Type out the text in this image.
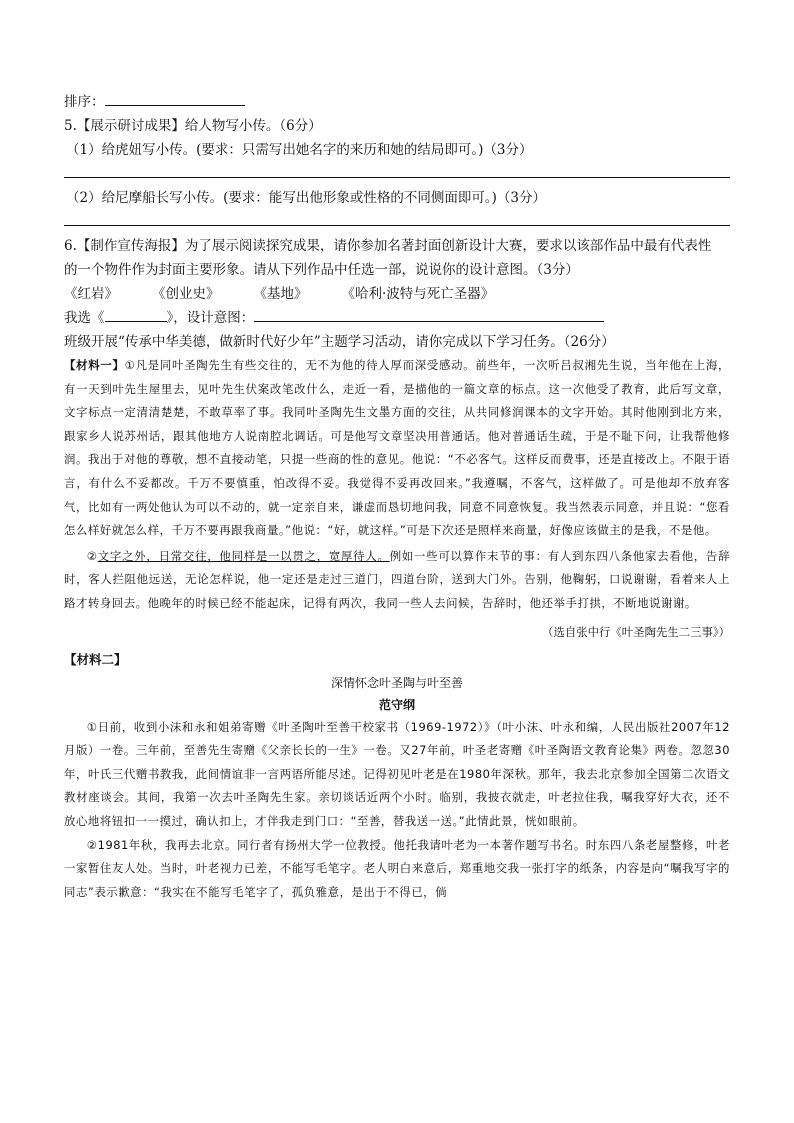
排序：
5.【展示研讨成果】给人物写小传。（6分）
（1）给虎妞写小传。(要求：只需写出她名字的来历和她的结局即可。)（3分）
（2）给尼摩船长写小传。(要求：能写出他形象或性格的不同侧面即可。)（3分）
6.【制作宣传海报】为了展示阅读探究成果，请你参加名著封面创新设计大赛，要求以该部作品中最有代表性
的一个物件作为封面主要形象。请从下列作品中任选一部，说说你的设计意图。（3分）
《红岩》	《创业史》	《基地》	《哈利·波特与死亡圣器》
我选《	》，设计意图：
班级开展“传承中华美德，做新时代好少年”主题学习活动，请你完成以下学习任务。（26分）

【材料一】①凡是同叶圣陶先生有些交往的，无不为他的待人厚而深受感动。前些年，一次听吕叔湘先生说，当年他在上海，有一天到叶先生屋里去，见叶先生伏案改笔改什么，走近一看，是描他的一篇文章的标点。这一次他受了教育，此后写文章，文字标点一定清清楚楚，不敢草率了事。我同叶圣陶先生文墨方面的交往，从共同修润课本的文字开始。其时他刚到北方来，跟家乡人说苏州话，跟其他地方人说南腔北调话。可是他写文章坚决用普通话。他对普通话生疏，于是不耻下问，让我帮他修润。我出于对他的尊敬，想不直接动笔，只提一些商的性的意见。他说：“不必客气。这样反而费事，还是直接改上。不限于语言，有什么不妥都改。千万不要慎重，怕改得不妥。我觉得不妥再改回来。”我遵嘱，不客气，这样做了。可是他却不放弃客气，比如有一两处他认为可以不动的，就一定亲自来，谦虚而恳切地问我，同意不同意恢复。我当然表示同意，并且说：“您看怎么样好就怎么样，千万不要再跟我商量。”他说：“好，就这样。”可是下次还是照样来商量，好像应该做主的是我，不是他。

②文字之外，日常交往，他同样是一以贯之，宽厚待人。例如一些可以算作末节的事：有人到东四八条他家去看他，告辞时，客人拦阻他远送，无论怎样说，他一定还是走过三道门，四道台阶，送到大门外。告别，他鞠躬，口说谢谢，看着来人上路才转身回去。他晚年的时候已经不能起床，记得有两次，我同一些人去问候，告辞时，他还举手打拱，不断地说谢谢。

（选自张中行《叶圣陶先生二三事》）
【材料二】
深情怀念叶圣陶与叶至善
范守纲

①日前，收到小沫和永和姐弟寄赠《叶圣陶叶至善干校家书（1969-1972）》（叶小沫、叶永和编，人民出版社2007年12月版）一卷。三年前，至善先生寄赠《父亲长长的一生》一卷。又27年前，叶圣老寄赠《叶圣陶语文教育论集》两卷。忽忽30年，叶氏三代赠书教我，此间情谊非一言两语所能尽述。记得初见叶老是在1980年深秋。那年，我去北京参加全国第二次语文教材座谈会。其间，我第一次去叶圣陶先生家。亲切谈话近两个小时。临别，我披衣就走，叶老拉住我，嘱我穿好大衣，还不放心地将钮扣一一摸过，确认扣上，才伴我走到门口：“至善，替我送一送。”此情此景，恍如眼前。

②1981年秋，我再去北京。同行者有扬州大学一位教授。他托我请叶老为一本著作题写书名。时东四八条老屋整修，叶老一家暂住友人处。当时，叶老视力已差，不能写毛笔字。老人明白来意后，郑重地交我一张打字的纸条，内容是向“嘱我写字的同志”表示歉意：“我实在不能写毛笔字了，孤负雅意，是出于不得已，倘
